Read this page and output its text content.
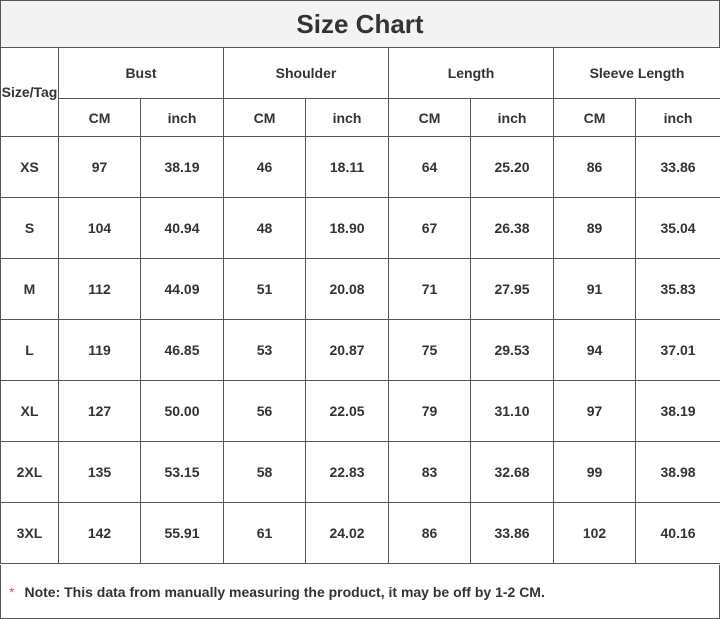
Size Chart
Size/Tag	Bust		Shoulder		Length		Sleeve Length	
	CM	inch	CM	inch	CM	inch	CM	inch
XS	97	38.19	46	18.11	64	25.20	86	33.86
S	104	40.94	48	18.90	67	26.38	89	35.04
M	112	44.09	51	20.08	71	27.95	91	35.83
L	119	46.85	53	20.87	75	29.53	94	37.01
XL	127	50.00	56	22.05	79	31.10	97	38.19
2XL	135	53.15	58	22.83	83	32.68	99	38.98
3XL	142	55.91	61	24.02	86	33.86	102	40.16
* Note: This data from manually measuring the product, it may be off by 1-2 CM.
